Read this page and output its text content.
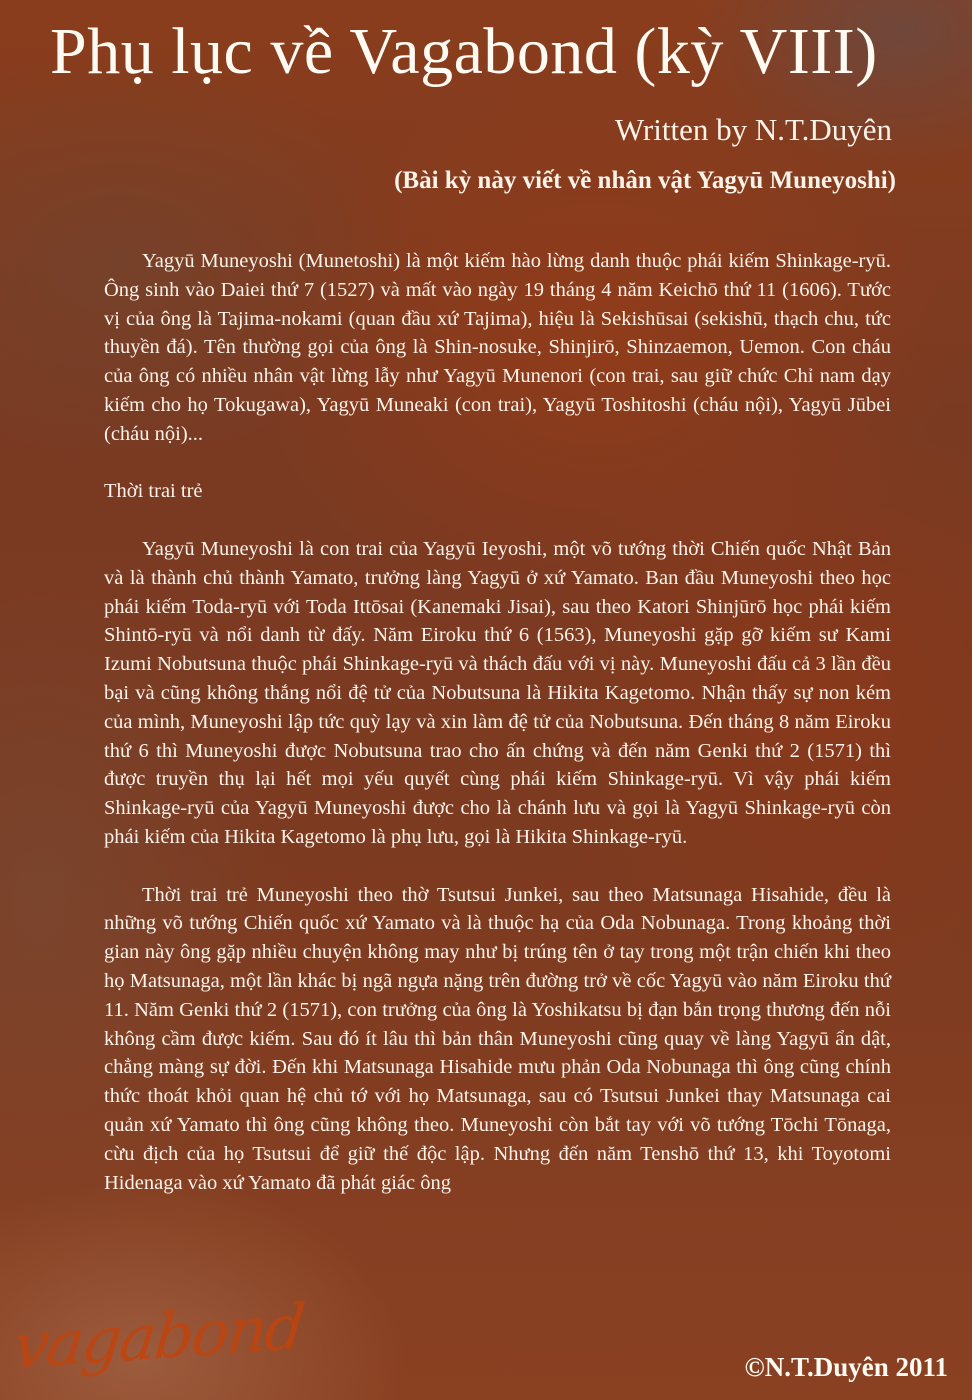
Phụ lục về Vagabond (kỳ VIII)
Written by N.T.Duyên
(Bài kỳ này viết về nhân vật Yagyū Muneyoshi)

Yagyū Muneyoshi (Munetoshi) là một kiếm hào lừng danh thuộc phái kiếm Shinkage-ryū. Ông sinh vào Daiei thứ 7 (1527) và mất vào ngày 19 tháng 4 năm Keichō thứ 11 (1606). Tước vị của ông là Tajima-nokami (quan đầu xứ Tajima), hiệu là Sekishūsai (sekishū, thạch chu, tức thuyền đá). Tên thường gọi của ông là Shin-nosuke, Shinjirō, Shinzaemon, Uemon. Con cháu của ông có nhiều nhân vật lừng lẫy như Yagyū Munenori (con trai, sau giữ chức Chỉ nam dạy kiếm cho họ Tokugawa), Yagyū Muneaki (con trai), Yagyū Toshitoshi (cháu nội), Yagyū Jūbei (cháu nội)...

Thời trai trẻ

Yagyū Muneyoshi là con trai của Yagyū Ieyoshi, một võ tướng thời Chiến quốc Nhật Bản và là thành chủ thành Yamato, trưởng làng Yagyū ở xứ Yamato. Ban đầu Muneyoshi theo học phái kiếm Toda-ryū với Toda Ittōsai (Kanemaki Jisai), sau theo Katori Shinjūrō học phái kiếm Shintō-ryū và nổi danh từ đấy. Năm Eiroku thứ 6 (1563), Muneyoshi gặp gỡ kiếm sư Kami Izumi Nobutsuna thuộc phái Shinkage-ryū và thách đấu với vị này. Muneyoshi đấu cả 3 lần đều bại và cũng không thắng nổi đệ tử của Nobutsuna là Hikita Kagetomo. Nhận thấy sự non kém của mình, Muneyoshi lập tức quỳ lạy và xin làm đệ tử của Nobutsuna. Đến tháng 8 năm Eiroku thứ 6 thì Muneyoshi được Nobutsuna trao cho ấn chứng và đến năm Genki thứ 2 (1571) thì được truyền thụ lại hết mọi yếu quyết cùng phái kiếm Shinkage-ryū. Vì vậy phái kiếm Shinkage-ryū của Yagyū Muneyoshi được cho là chánh lưu và gọi là Yagyū Shinkage-ryū còn phái kiếm của Hikita Kagetomo là phụ lưu, gọi là Hikita Shinkage-ryū.

Thời trai trẻ Muneyoshi theo thờ Tsutsui Junkei, sau theo Matsunaga Hisahide, đều là những võ tướng Chiến quốc xứ Yamato và là thuộc hạ của Oda Nobunaga. Trong khoảng thời gian này ông gặp nhiều chuyện không may như bị trúng tên ở tay trong một trận chiến khi theo họ Matsunaga, một lần khác bị ngã ngựa nặng trên đường trở về cốc Yagyū vào năm Eiroku thứ 11. Năm Genki thứ 2 (1571), con trưởng của ông là Yoshikatsu bị đạn bắn trọng thương đến nỗi không cầm được kiếm. Sau đó ít lâu thì bản thân Muneyoshi cũng quay về làng Yagyū ẩn dật, chẳng màng sự đời. Đến khi Matsunaga Hisahide mưu phản Oda Nobunaga thì ông cũng chính thức thoát khỏi quan hệ chủ tớ với họ Matsunaga, sau có Tsutsui Junkei thay Matsunaga cai quản xứ Yamato thì ông cũng không theo. Muneyoshi còn bắt tay với võ tướng Tōchi Tōnaga, cừu địch của họ Tsutsui để giữ thế độc lập. Nhưng đến năm Tenshō thứ 13, khi Toyotomi Hidenaga vào xứ Yamato đã phát giác ông

vagabond	©N.T.Duyên 2011
